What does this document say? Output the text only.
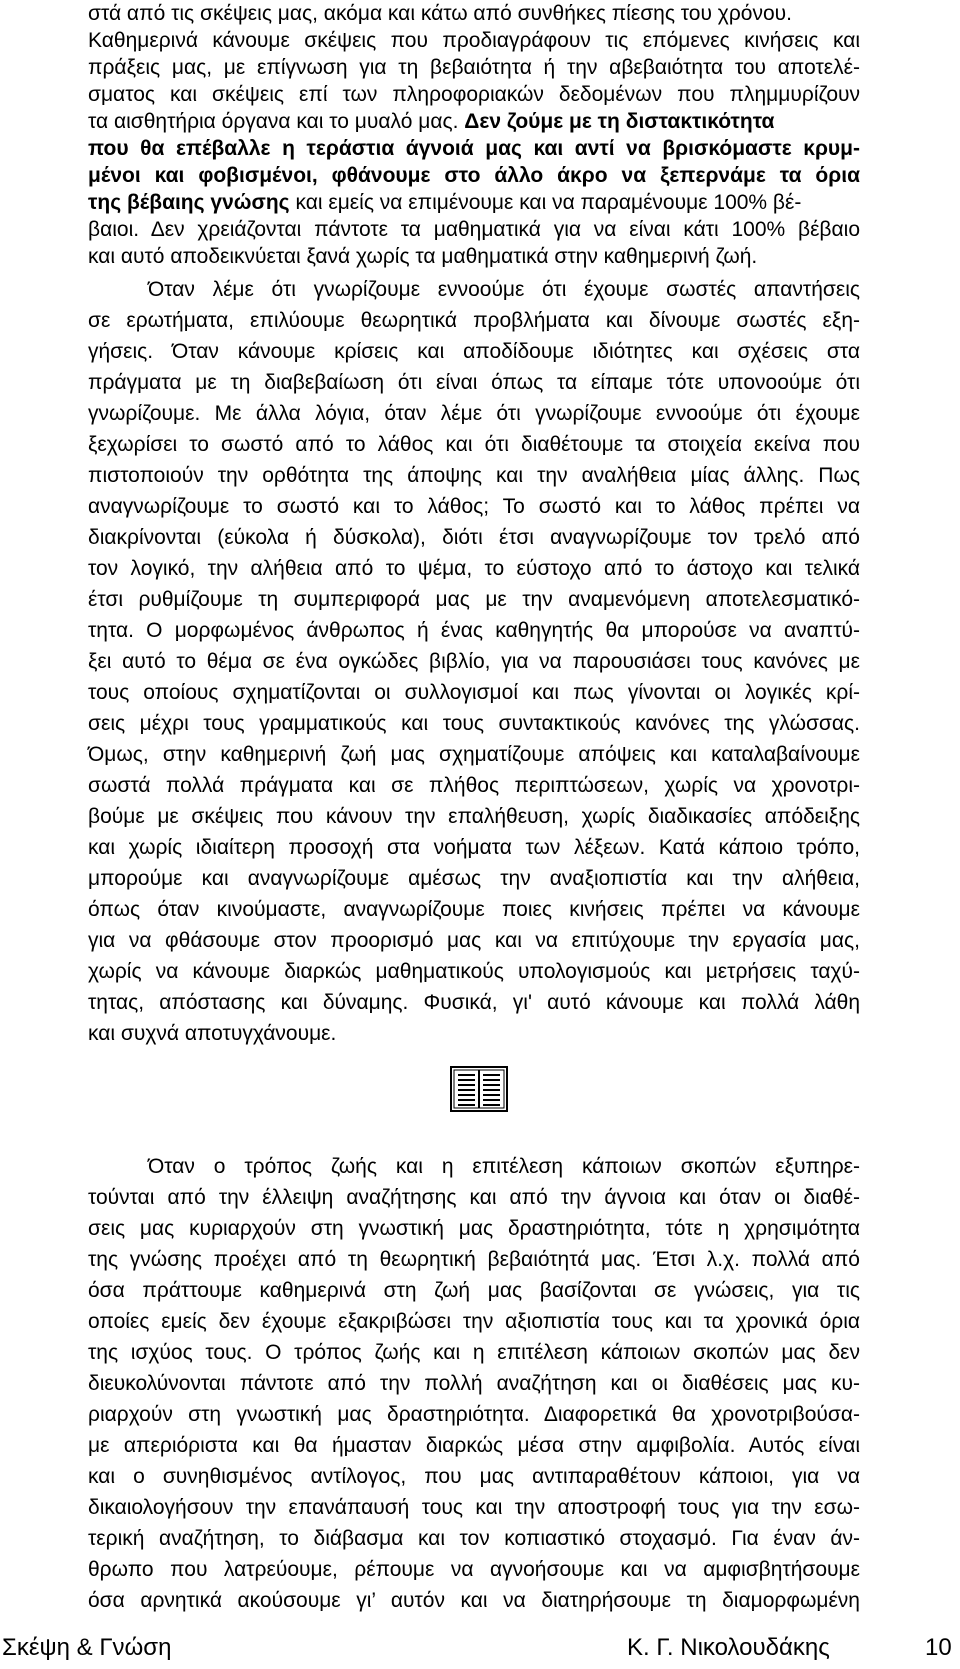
στά από τις σκέψεις μας, ακόμα και κάτω από συνθήκες πίεσης του χρόνου.
Καθημερινά κάνουμε σκέψεις που προδιαγράφουν τις επόμενες κινήσεις και
πράξεις μας, με επίγνωση για τη βεβαιότητα ή την αβεβαιότητα του αποτελέ-
σματος και σκέψεις επί των πληροφοριακών δεδομένων που πλημμυρίζουν
τα αισθητήρια όργανα και το μυαλό μας. Δεν ζούμε με τη διστακτικότητα
που θα επέβαλλε η τεράστια άγνοιά μας και αντί να βρισκόμαστε κρυμ-
μένοι και φοβισμένοι, φθάνουμε στο άλλο άκρο να ξεπερνάμε τα όρια
της βέβαιης γνώσης και εμείς να επιμένουμε και να παραμένουμε 100% βέ-
βαιοι. Δεν χρειάζονται πάντοτε τα μαθηματικά για να είναι κάτι 100% βέβαιο
και αυτό αποδεικνύεται ξανά χωρίς τα μαθηματικά στην καθημερινή ζωή.
Όταν λέμε ότι γνωρίζουμε εννοούμε ότι έχουμε σωστές απαντήσεις
σε ερωτήματα, επιλύουμε θεωρητικά προβλήματα και δίνουμε σωστές εξη-
γήσεις. Όταν κάνουμε κρίσεις και αποδίδουμε ιδιότητες και σχέσεις στα
πράγματα με τη διαβεβαίωση ότι είναι όπως τα είπαμε τότε υπονοούμε ότι
γνωρίζουμε. Με άλλα λόγια, όταν λέμε ότι γνωρίζουμε εννοούμε ότι έχουμε
ξεχωρίσει το σωστό από το λάθος και ότι διαθέτουμε τα στοιχεία εκείνα που
πιστοποιούν την ορθότητα της άποψης και την αναλήθεια μίας άλλης. Πως
αναγνωρίζουμε το σωστό και το λάθος; Το σωστό και το λάθος πρέπει να
διακρίνονται (εύκολα ή δύσκολα), διότι έτσι αναγνωρίζουμε τον τρελό από
τον λογικό, την αλήθεια από το ψέμα, το εύστοχο από το άστοχο και τελικά
έτσι ρυθμίζουμε τη συμπεριφορά μας με την αναμενόμενη αποτελεσματικό-
τητα. Ο μορφωμένος άνθρωπος ή ένας καθηγητής θα μπορούσε να αναπτύ-
ξει αυτό το θέμα σε ένα ογκώδες βιβλίο, για να παρουσιάσει τους κανόνες με
τους οποίους σχηματίζονται οι συλλογισμοί και πως γίνονται οι λογικές κρί-
σεις μέχρι τους γραμματικούς και τους συντακτικούς κανόνες της γλώσσας.
Όμως, στην καθημερινή ζωή μας σχηματίζουμε απόψεις και καταλαβαίνουμε
σωστά πολλά πράγματα και σε πλήθος περιπτώσεων, χωρίς να χρονοτρι-
βούμε με σκέψεις που κάνουν την επαλήθευση, χωρίς διαδικασίες απόδειξης
και χωρίς ιδιαίτερη προσοχή στα νοήματα των λέξεων. Κατά κάποιο τρόπο,
μπορούμε και αναγνωρίζουμε αμέσως την αναξιοπιστία και την αλήθεια,
όπως όταν κινούμαστε, αναγνωρίζουμε ποιες κινήσεις πρέπει να κάνουμε
για να φθάσουμε στον προορισμό μας και να επιτύχουμε την εργασία μας,
χωρίς να κάνουμε διαρκώς μαθηματικούς υπολογισμούς και μετρήσεις ταχύ-
τητας, απόστασης και δύναμης. Φυσικά, γι' αυτό κάνουμε και πολλά λάθη
και συχνά αποτυγχάνουμε.
Όταν ο τρόπος ζωής και η επιτέλεση κάποιων σκοπών εξυπηρε-
τούνται από την έλλειψη αναζήτησης και από την άγνοια και όταν οι διαθέ-
σεις μας κυριαρχούν στη γνωστική μας δραστηριότητα, τότε η χρησιμότητα
της γνώσης προέχει από τη θεωρητική βεβαιότητά μας. Έτσι λ.χ. πολλά από
όσα πράττουμε καθημερινά στη ζωή μας βασίζονται σε γνώσεις, για τις
οποίες εμείς δεν έχουμε εξακριβώσει την αξιοπιστία τους και τα χρονικά όρια
της ισχύος τους. Ο τρόπος ζωής και η επιτέλεση κάποιων σκοπών μας δεν
διευκολύνονται πάντοτε από την πολλή αναζήτηση και οι διαθέσεις μας κυ-
ριαρχούν στη γνωστική μας δραστηριότητα. Διαφορετικά θα χρονοτριβούσα-
με απεριόριστα και θα ήμασταν διαρκώς μέσα στην αμφιβολία. Αυτός είναι
και ο συνηθισμένος αντίλογος, που μας αντιπαραθέτουν κάποιοι, για να
δικαιολογήσουν την επανάπαυσή τους και την αποστροφή τους για την εσω-
τερική αναζήτηση, το διάβασμα και τον κοπιαστικό στοχασμό. Για έναν άν-
θρωπο που λατρεύουμε, ρέπουμε να αγνοήσουμε και να αμφισβητήσουμε
όσα αρνητικά ακούσουμε γι’ αυτόν και να διατηρήσουμε τη διαμορφωμένη
Σκέψη & Γνώση	Κ. Γ. Νικολουδάκης	10
